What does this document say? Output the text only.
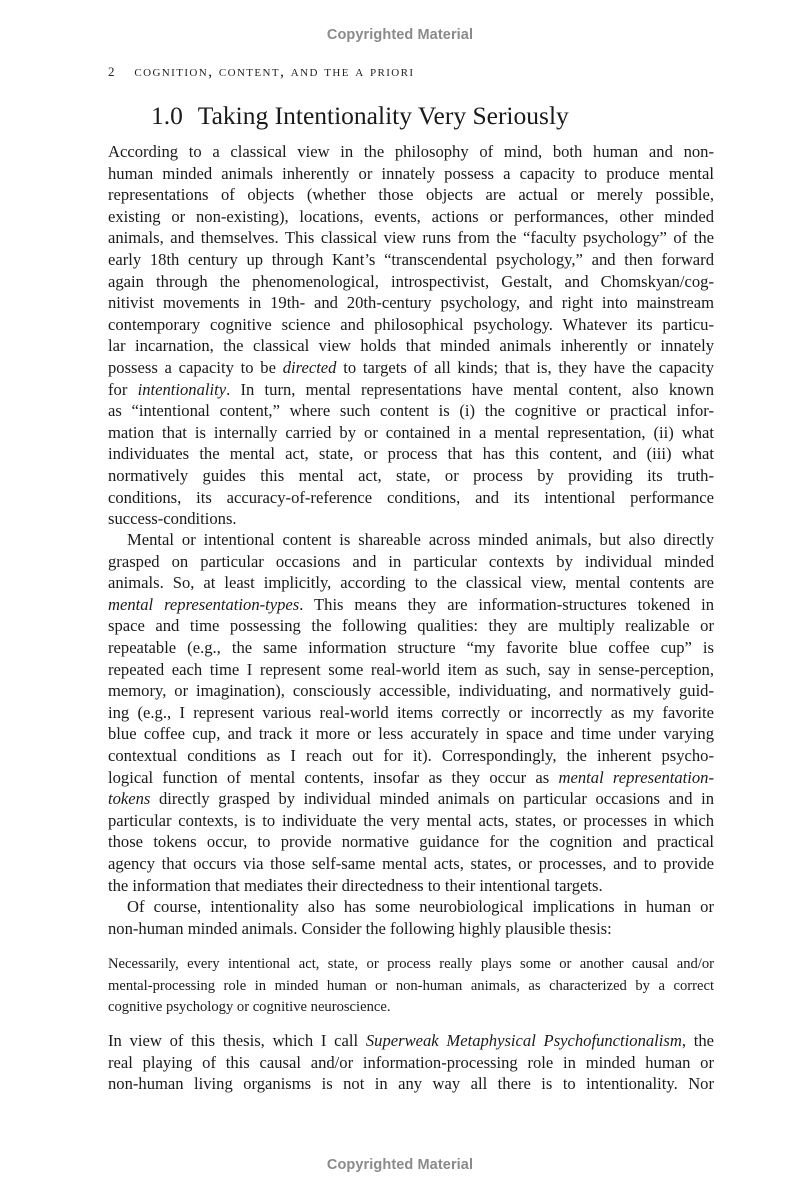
Copyrighted Material
2 cognition, content, and the a priori
1.0 Taking Intentionality Very Seriously
According to a classical view in the philosophy of mind, both human and non-
human minded animals inherently or innately possess a capacity to produce mental
representations of objects (whether those objects are actual or merely possible,
existing or non-existing), locations, events, actions or performances, other minded
animals, and themselves. This classical view runs from the “faculty psychology” of the
early 18th century up through Kant’s “transcendental psychology,” and then forward
again through the phenomenological, introspectivist, Gestalt, and Chomskyan/cog-
nitivist movements in 19th- and 20th-century psychology, and right into mainstream
contemporary cognitive science and philosophical psychology. Whatever its particu-
lar incarnation, the classical view holds that minded animals inherently or innately
possess a capacity to be directed to targets of all kinds; that is, they have the capacity
for intentionality. In turn, mental representations have mental content, also known
as “intentional content,” where such content is (i) the cognitive or practical infor-
mation that is internally carried by or contained in a mental representation, (ii) what
individuates the mental act, state, or process that has this content, and (iii) what
normatively guides this mental act, state, or process by providing its truth-
conditions, its accuracy-of-reference conditions, and its intentional performance
success-conditions.
Mental or intentional content is shareable across minded animals, but also directly
grasped on particular occasions and in particular contexts by individual minded
animals. So, at least implicitly, according to the classical view, mental contents are
mental representation-types. This means they are information-structures tokened in
space and time possessing the following qualities: they are multiply realizable or
repeatable (e.g., the same information structure “my favorite blue coffee cup” is
repeated each time I represent some real-world item as such, say in sense-perception,
memory, or imagination), consciously accessible, individuating, and normatively guid-
ing (e.g., I represent various real-world items correctly or incorrectly as my favorite
blue coffee cup, and track it more or less accurately in space and time under varying
contextual conditions as I reach out for it). Correspondingly, the inherent psycho-
logical function of mental contents, insofar as they occur as mental representation-
tokens directly grasped by individual minded animals on particular occasions and in
particular contexts, is to individuate the very mental acts, states, or processes in which
those tokens occur, to provide normative guidance for the cognition and practical
agency that occurs via those self-same mental acts, states, or processes, and to provide
the information that mediates their directedness to their intentional targets.
Of course, intentionality also has some neurobiological implications in human or
non-human minded animals. Consider the following highly plausible thesis:
Necessarily, every intentional act, state, or process really plays some or another causal and/or
mental-processing role in minded human or non-human animals, as characterized by a correct
cognitive psychology or cognitive neuroscience.
In view of this thesis, which I call Superweak Metaphysical Psychofunctionalism, the
real playing of this causal and/or information-processing role in minded human or
non-human living organisms is not in any way all there is to intentionality. Nor
Copyrighted Material
